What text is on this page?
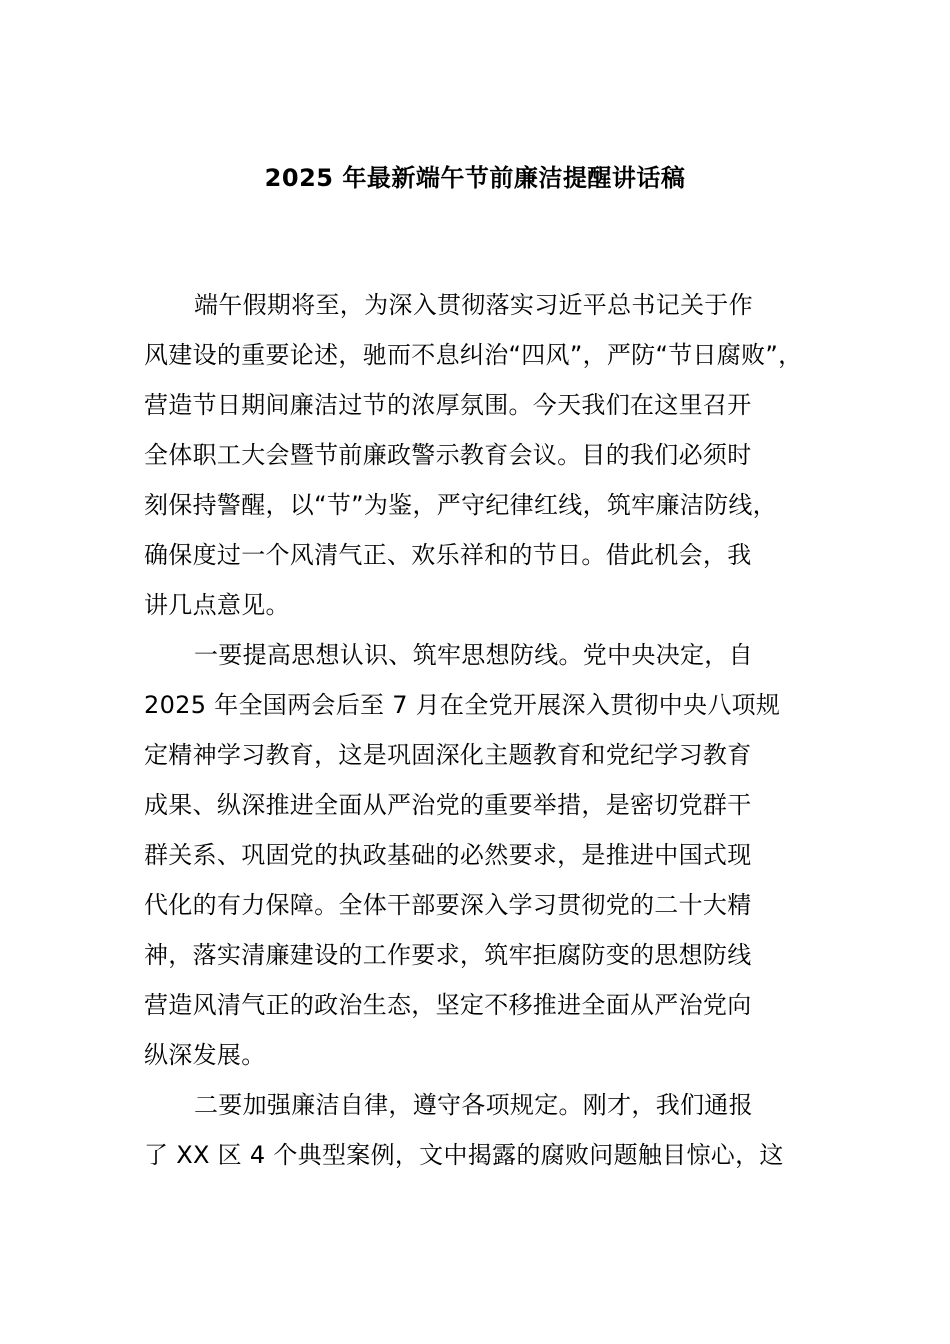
2025 年最新端午节前廉洁提醒讲话稿
端午假期将至，为深入贯彻落实习近平总书记关于作
风建设的重要论述，驰而不息纠治“四风”，严防“节日腐败”，
营造节日期间廉洁过节的浓厚氛围。今天我们在这里召开
全体职工大会暨节前廉政警示教育会议。目的我们必须时
刻保持警醒，以“节”为鉴，严守纪律红线，筑牢廉洁防线，
确保度过一个风清气正、欢乐祥和的节日。借此机会，我
讲几点意见。
一要提高思想认识、筑牢思想防线。党中央决定，自
2025 年全国两会后至 7 月在全党开展深入贯彻中央八项规
定精神学习教育，这是巩固深化主题教育和党纪学习教育
成果、纵深推进全面从严治党的重要举措，是密切党群干
群关系、巩固党的执政基础的必然要求，是推进中国式现
代化的有力保障。全体干部要深入学习贯彻党的二十大精
神，落实清廉建设的工作要求，筑牢拒腐防变的思想防线
营造风清气正的政治生态，坚定不移推进全面从严治党向
纵深发展。
二要加强廉洁自律，遵守各项规定。刚才，我们通报
了 XX 区 4 个典型案例，文中揭露的腐败问题触目惊心，这
